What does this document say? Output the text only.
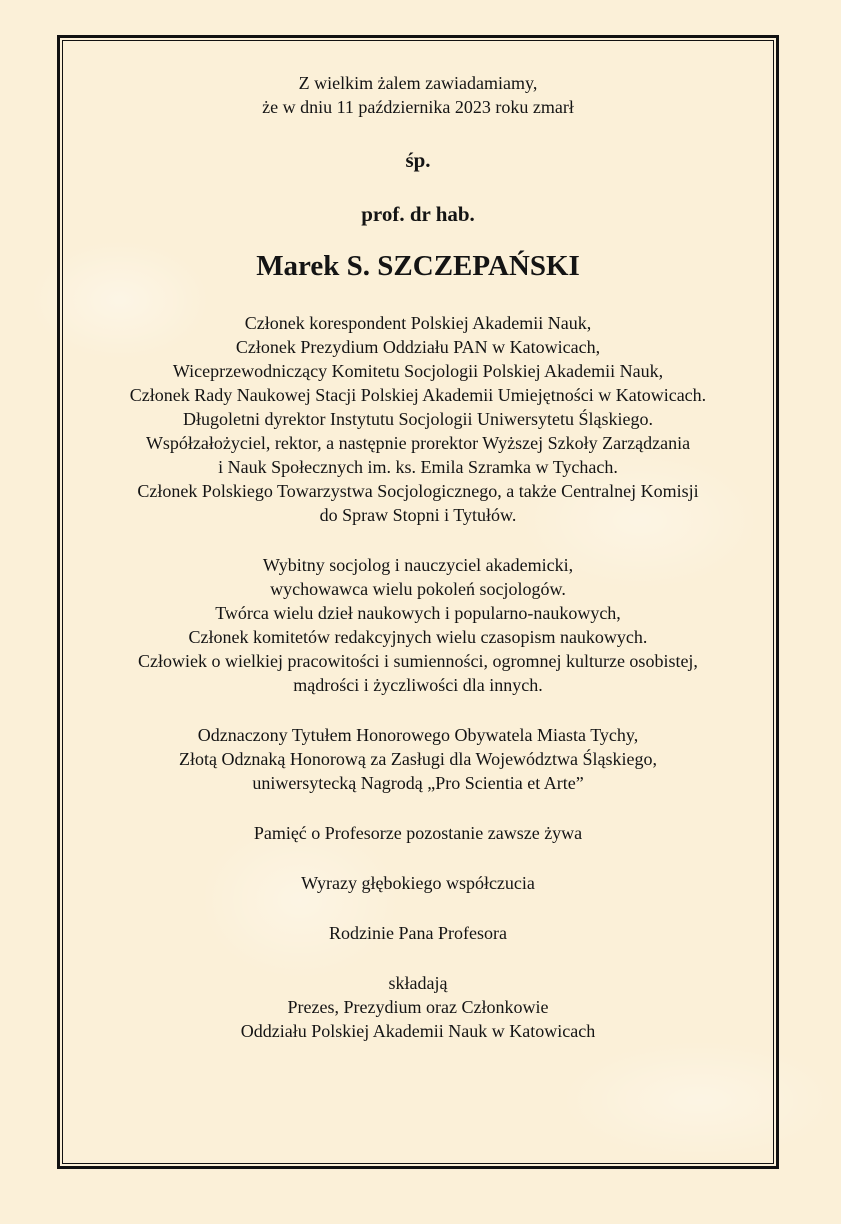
Z wielkim żalem zawiadamiamy,
że w dniu 11 października 2023 roku zmarł
śp.
prof. dr hab.
Marek S. SZCZEPAŃSKI
Członek korespondent Polskiej Akademii Nauk,
Członek Prezydium Oddziału PAN w Katowicach,
Wiceprzewodniczący Komitetu Socjologii Polskiej Akademii Nauk,
Członek Rady Naukowej Stacji Polskiej Akademii Umiejętności w Katowicach.
Długoletni dyrektor Instytutu Socjologii Uniwersytetu Śląskiego.
Współzałożyciel, rektor, a następnie prorektor Wyższej Szkoły Zarządzania
i Nauk Społecznych im. ks. Emila Szramka w Tychach.
Członek Polskiego Towarzystwa Socjologicznego, a także Centralnej Komisji
do Spraw Stopni i Tytułów.
Wybitny socjolog i nauczyciel akademicki,
wychowawca wielu pokoleń socjologów.
Twórca wielu dzieł naukowych i popularno-naukowych,
Członek komitetów redakcyjnych wielu czasopism naukowych.
Człowiek o wielkiej pracowitości i sumienności, ogromnej kulturze osobistej,
mądrości i życzliwości dla innych.
Odznaczony Tytułem Honorowego Obywatela Miasta Tychy,
Złotą Odznaką Honorową za Zasługi dla Województwa Śląskiego,
uniwersytecką Nagrodą „Pro Scientia et Arte”
Pamięć o Profesorze pozostanie zawsze żywa
Wyrazy głębokiego współczucia
Rodzinie Pana Profesora
składają
Prezes, Prezydium oraz Członkowie
Oddziału Polskiej Akademii Nauk w Katowicach
